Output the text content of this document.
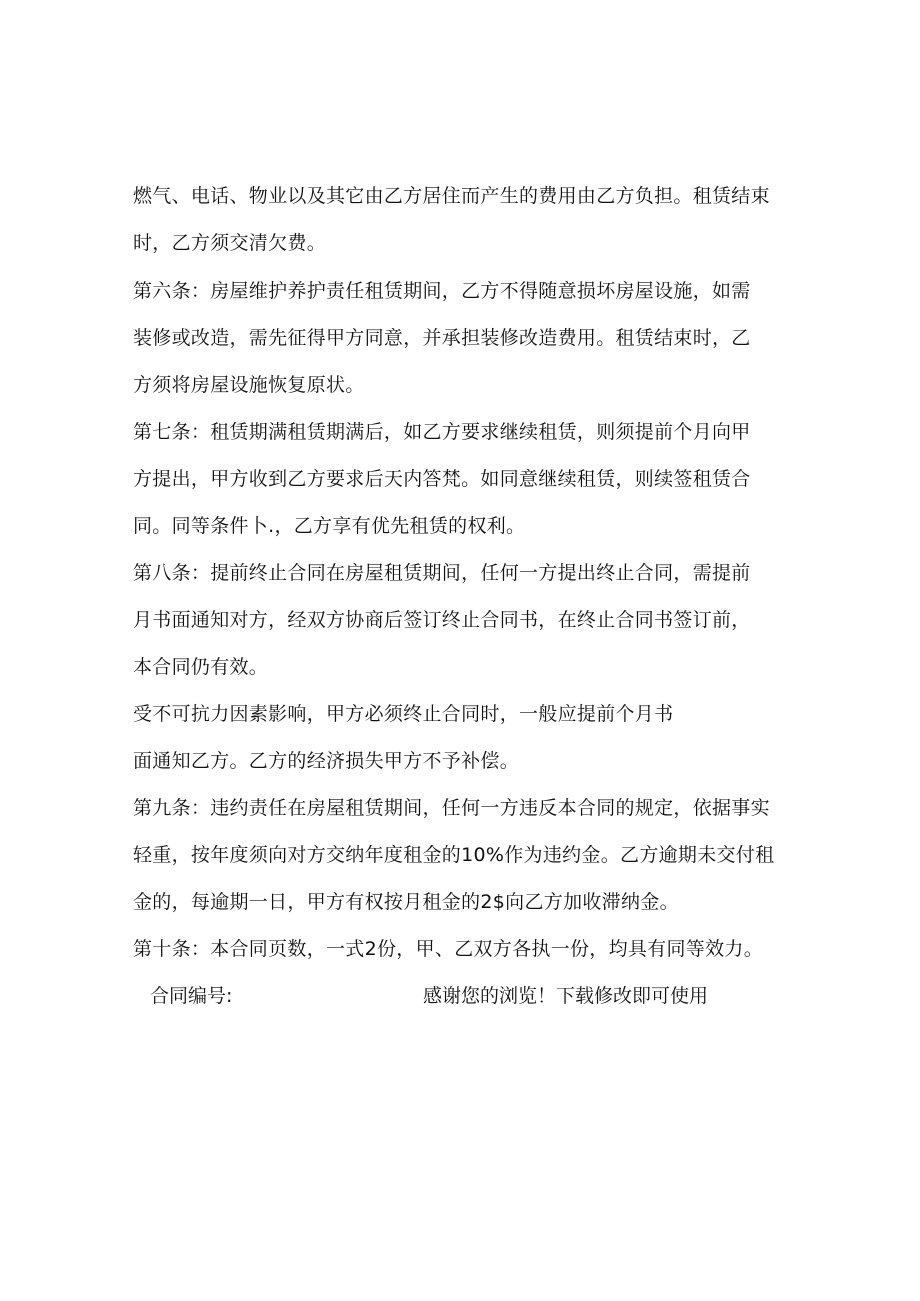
燃气、电话、物业以及其它由乙方居住而产生的费用由乙方负担。租赁结束
时，乙方须交清欠费。
第六条：房屋维护养护责任租赁期间，乙方不得随意损坏房屋设施，如需
装修或改造，需先征得甲方同意，并承担装修改造费用。租赁结束时，乙
方须将房屋设施恢复原状。
第七条：租赁期满租赁期满后，如乙方要求继续租赁，则须提前个月向甲
方提出，甲方收到乙方要求后天内答梵。如同意继续租赁，则续签租赁合
同。同等条件卜.，乙方享有优先租赁的权利。
第八条：提前终止合同在房屋租赁期间，任何一方提出终止合同，需提前
月书面通知对方，经双方协商后签订终止合同书，在终止合同书签订前，
本合同仍有效。
受不可抗力因素影响，甲方必须终止合同时，一般应提前个月书
面通知乙方。乙方的经济损失甲方不予补偿。
第九条：违约责任在房屋租赁期间，任何一方违反本合同的规定，依据事实
轻重，按年度须向对方交纳年度租金的10%作为违约金。乙方逾期未交付租
金的，每逾期一日，甲方有权按月租金的2$向乙方加收滞纳金。
第十条：本合同页数，一式2份，甲、乙双方各执一份，均具有同等效力。
合同编号:	感谢您的浏览！下载修改即可使用
